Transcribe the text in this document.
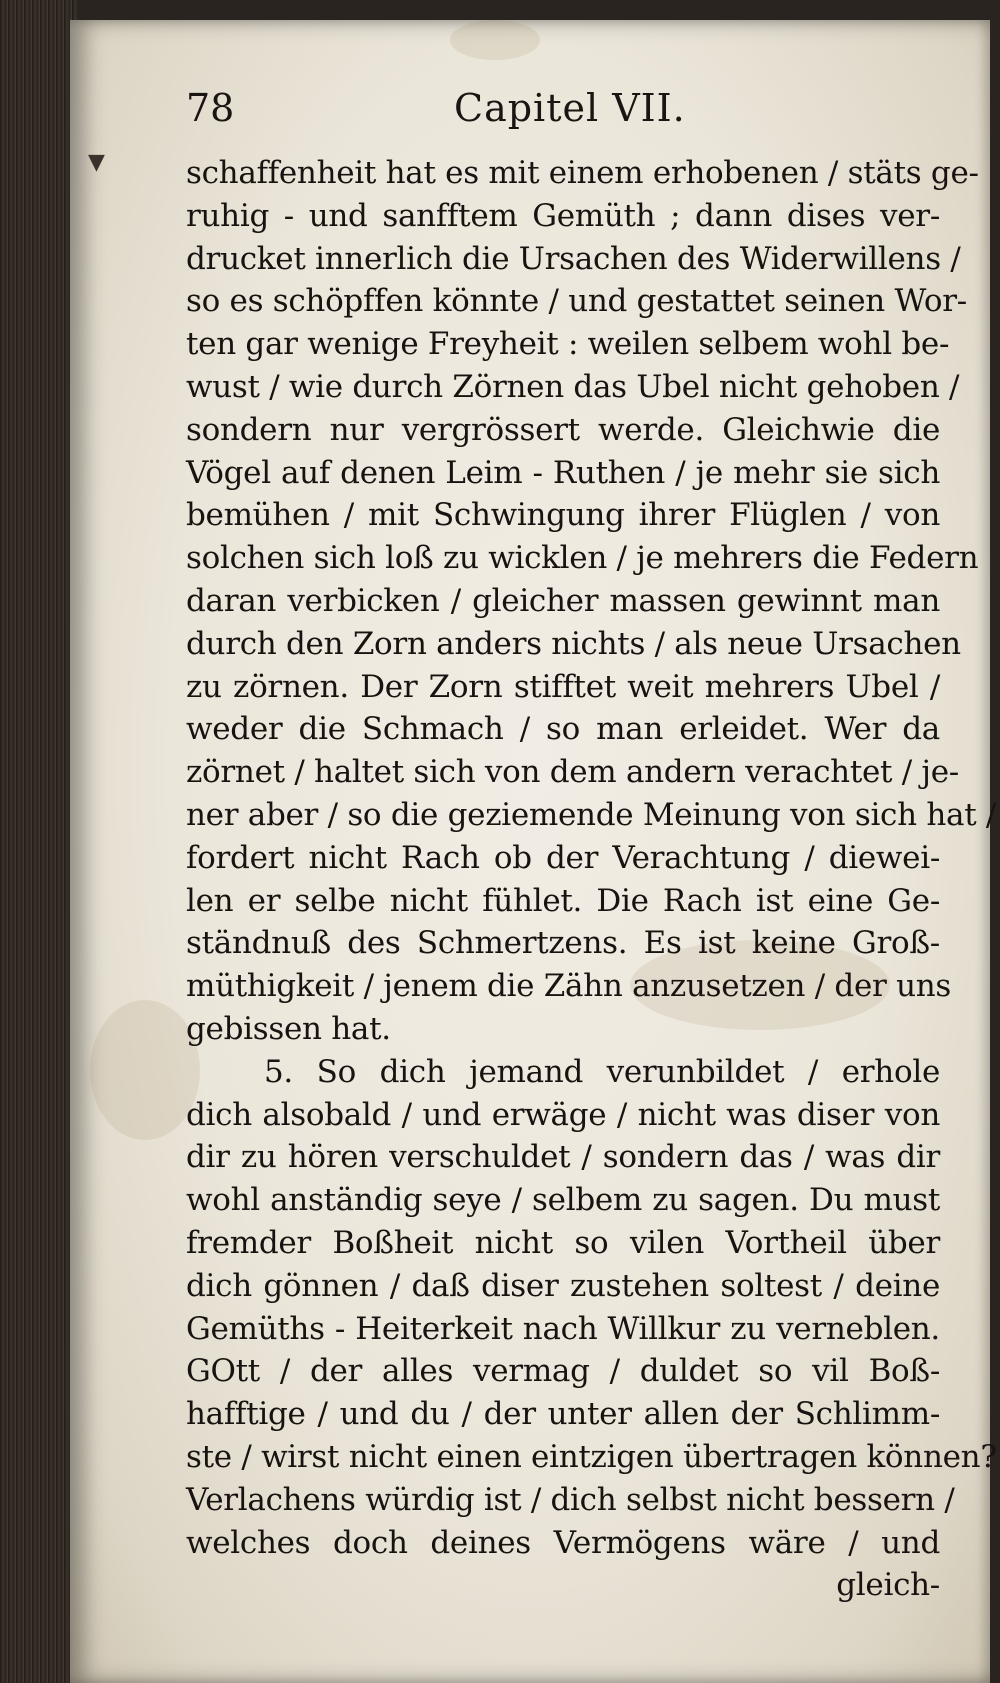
▼
78	Capitel VII.
schaffenheit hat es mit einem erhobenen / stäts ge-
ruhig - und sanfftem Gemüth ; dann dises ver-
drucket innerlich die Ursachen des Widerwillens /
so es schöpffen könnte / und gestattet seinen Wor-
ten gar wenige Freyheit : weilen selbem wohl be-
wust / wie durch Zörnen das Ubel nicht gehoben /
sondern nur vergrössert werde. Gleichwie die
Vögel auf denen Leim - Ruthen / je mehr sie sich
bemühen / mit Schwingung ihrer Flüglen / von
solchen sich loß zu wicklen / je mehrers die Federn
daran verbicken / gleicher massen gewinnt man
durch den Zorn anders nichts / als neue Ursachen
zu zörnen. Der Zorn stifftet weit mehrers Ubel /
weder die Schmach / so man erleidet. Wer da
zörnet / haltet sich von dem andern verachtet / je-
ner aber / so die geziemende Meinung von sich hat /
fordert nicht Rach ob der Verachtung / diewei-
len er selbe nicht fühlet. Die Rach ist eine Ge-
ständnuß des Schmertzens. Es ist keine Groß-
müthigkeit / jenem die Zähn anzusetzen / der uns
gebissen hat.
5. So dich jemand verunbildet / erhole
dich alsobald / und erwäge / nicht was diser von
dir zu hören verschuldet / sondern das / was dir
wohl anständig seye / selbem zu sagen. Du must
fremder Boßheit nicht so vilen Vortheil über
dich gönnen / daß diser zustehen soltest / deine
Gemüths - Heiterkeit nach Willkur zu verneblen.
GOtt / der alles vermag / duldet so vil Boß-
hafftige / und du / der unter allen der Schlimm-
ste / wirst nicht einen eintzigen übertragen können?
Verlachens würdig ist / dich selbst nicht bessern /
welches doch deines Vermögens wäre / und
gleich-
